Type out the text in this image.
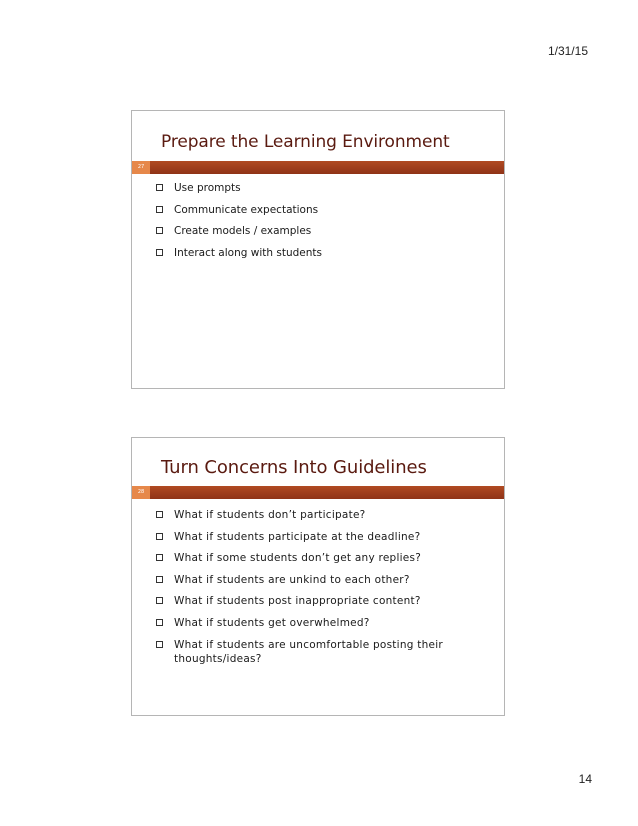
1/31/15
Prepare the Learning Environment
27
Use prompts
Communicate expectations
Create models / examples
Interact along with students
Turn Concerns Into Guidelines
28
What if students don’t participate?
What if students participate at the deadline?
What if some students don’t get any replies?
What if students are unkind to each other?
What if students post inappropriate content?
What if students get overwhelmed?
What if students are uncomfortable posting their thoughts/ideas?
14
